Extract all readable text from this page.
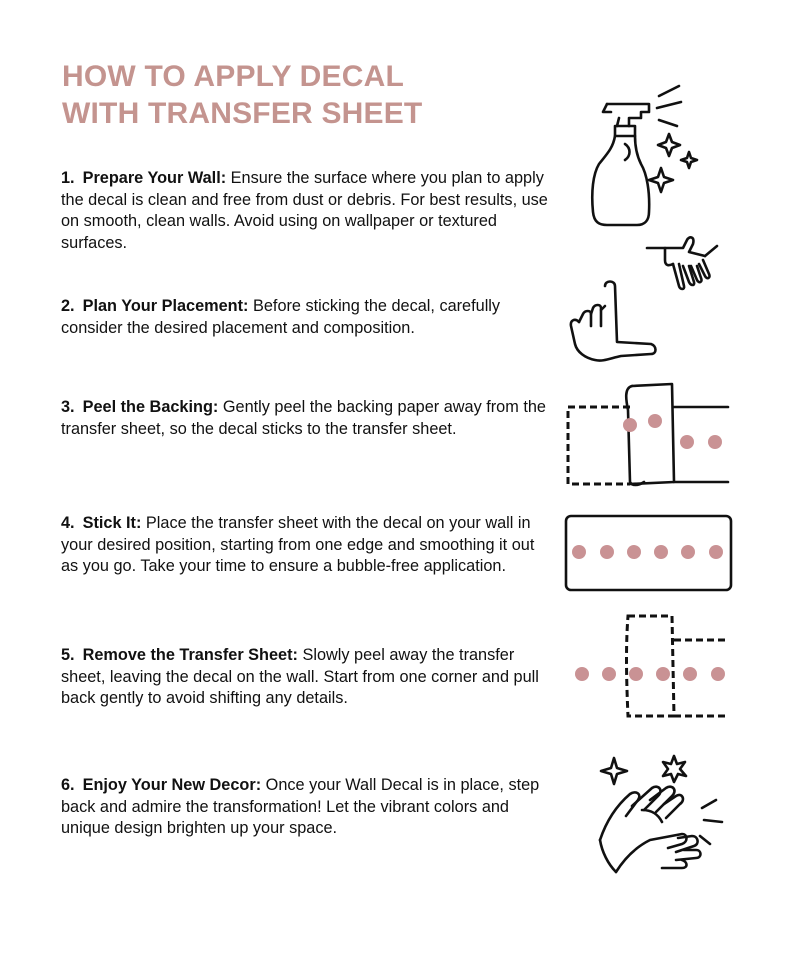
HOW TO APPLY DECAL
WITH TRANSFER SHEET

1. Prepare Your Wall: Ensure the surface where you plan to apply the decal is clean and free from dust or debris. For best results, use on smooth, clean walls. Avoid using on wallpaper or textured surfaces.

2. Plan Your Placement: Before sticking the decal, carefully consider the desired placement and composition.

3. Peel the Backing: Gently peel the backing paper away from the transfer sheet, so the decal sticks to the transfer sheet.

4. Stick It: Place the transfer sheet with the decal on your wall in your desired position, starting from one edge and smoothing it out as you go. Take your time to ensure a bubble-free application.

5. Remove the Transfer Sheet: Slowly peel away the transfer sheet, leaving the decal on the wall. Start from one corner and pull back gently to avoid shifting any details.

6. Enjoy Your New Decor: Once your Wall Decal is in place, step back and admire the transformation! Let the vibrant colors and unique design brighten up your space.
